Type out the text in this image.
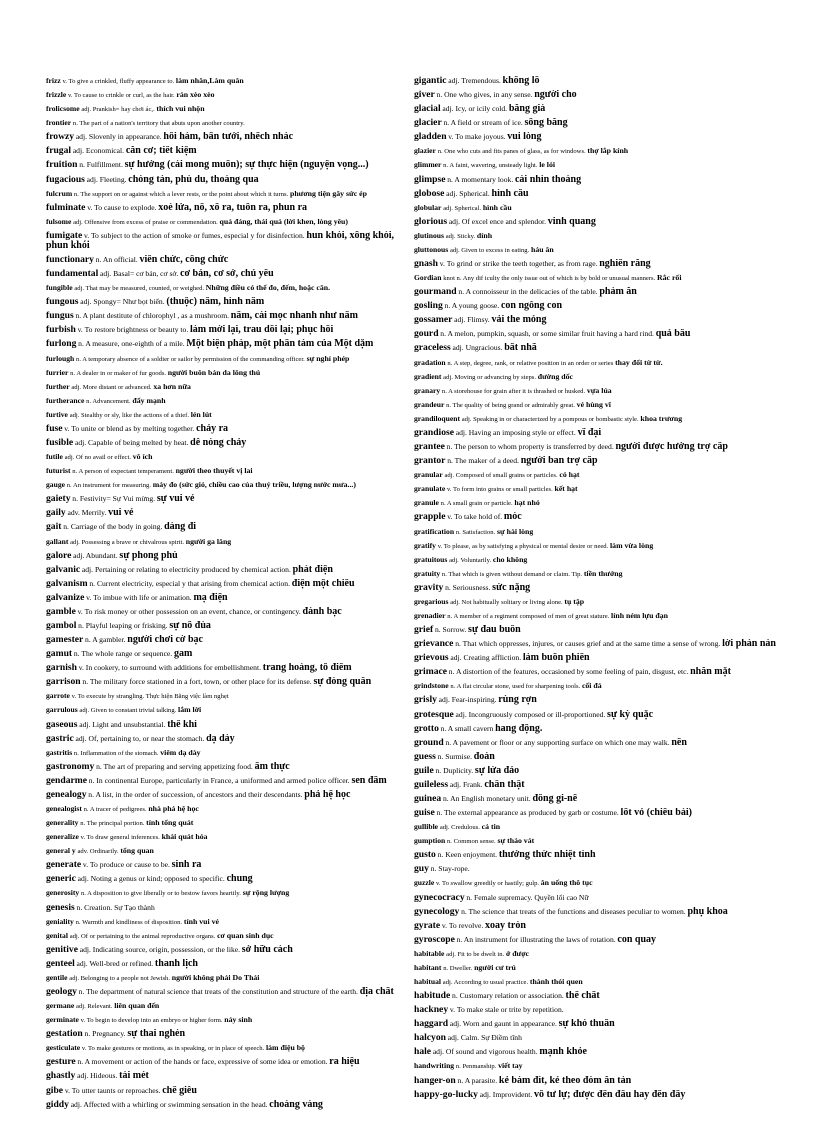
frizz v. To give a crinkled, fluffy appearance to. làm nhăn,Làm quăn
frizzle v. To cause to crinkle or curl, as the hair. rán xèo xèo
frolicsome adj. Prankish= hay chơi ác,. thích vui nhộn
frontier n. The part of a nation's territory that abuts upon another country.
frowzy adj. Slovenly in appearance. hôi hám, bẩn tưởi, nhếch nhác
frugal adj. Economical. căn cơ; tiết kiệm
fruition n. Fulfillment. sự hưởng (cái mong muốn); sự thực hiện (nguyện vọng...)
fugacious adj. Fleeting. chóng tàn, phù du, thoáng qua
fulcrum n. The support on or against which a lever rests, or the point about which it turns. phương tiện gây sức ép
fulminate v. To cause to explode. xoè lửa, nổ, xổ ra, tuôn ra, phun ra
fulsome adj. Offensive from excess of praise or commendation. quá đáng, thái quá (lời khen, lòng yêu)
fumigate v. To subject to the action of smoke or fumes, especial y for disinfection. hun khói, xông khói, phun khói
functionary n. An official. viên chức, công chức
fundamental adj. Basal= cơ bản, cơ sở. cơ bản, cơ sở, chủ yếu
fungible adj. That may be measured, counted, or weighed. Những điều có thể đo, đếm, hoặc cân.
fungous adj. Spongy= Như bọt biển. (thuộc) nấm, hình nấm
fungus n. A plant destitute of chlorophyl , as a mushroom. nấm, cái mọc nhanh như nấm
furbish v. To restore brightness or beauty to. làm mới lại, trau dồi lại; phục hồi
furlong n. A measure, one-eighth of a mile. Một biện pháp, một phần tám của Một dặm
furlough n. A temporary absence of a soldier or sailor by permission of the commanding officer. sự nghỉ phép
furrier n. A dealer in or maker of fur goods. người buôn bán da lông thú
further adj. More distant or advanced. xa hơn nữa
furtherance n. Advancement. đẩy mạnh
furtive adj. Stealthy or sly, like the actions of a thief. lén lút
fuse v. To unite or blend as by melting together. chảy ra
fusible adj. Capable of being melted by heat. dễ nóng chảy
futile adj. Of no avail or effect. vô ích
futurist n. A person of expectant temperament. người theo thuyết vị lai
gauge n. An instrument for measuring. máy đo (sức gió, chiều cao của thuỷ triều, lượng nước mưa...)
gaiety n. Festivity= Sự Vui mừng. sự vui vẻ
gaily adv. Merrily. vui vẻ
gait n. Carriage of the body in going. dáng đi
gallant adj. Possessing a brave or chivalrous spirit. người ga lăng
galore adj. Abundant. sự phong phú
galvanic adj. Pertaining or relating to electricity produced by chemical action. phát điện
galvanism n. Current electricity, especial y that arising from chemical action. điện một chiều
galvanize v. To imbue with life or animation. mạ điện
gamble v. To risk money or other possession on an event, chance, or contingency. đánh bạc
gambol n. Playful leaping or frisking. sự nô đùa
gamester n. A gambler. người chơi cờ bạc
gamut n. The whole range or sequence. gam
garnish v. In cookery, to surround with additions for embellishment. trang hoàng, tô điểm
garrison n. The military force stationed in a fort, town, or other place for its defense. sự đóng quân
garrote v. To execute by strangling. Thực hiện Bằng việc làm nghẹt
garrulous adj. Given to constant trivial talking. lắm lời
gaseous adj. Light and unsubstantial. thể khí
gastric adj. Of, pertaining to, or near the stomach. dạ dày
gastritis n. Inflammation of the stomach. viêm dạ dày
gastronomy n. The art of preparing and serving appetizing food. ẩm thực
gendarme n. In continental Europe, particularly in France, a uniformed and armed police officer. sen đầm
genealogy n. A list, in the order of succession, of ancestors and their descendants. phả hệ học
genealogist n. A tracer of pedigrees. nhà phả hệ học
generality n. The principal portion. tính tổng quát
generalize v. To draw general inferences. khái quát hóa
general y adv. Ordinarily. tổng quan
generate v. To produce or cause to be. sinh ra
generic adj. Noting a genus or kind; opposed to specific. chung
generosity n. A disposition to give liberally or to bestow favors heartily. sự rộng lượng
genesis n. Creation. Sự Tạo thành
geniality n. Warmth and kindliness of disposition. tính vui vẻ
genital adj. Of or pertaining to the animal reproductive organs. cơ quan sinh dục
genitive adj. Indicating source, origin, possession, or the like. sở hữu cách
genteel adj. Well-bred or refined. thanh lịch
gentile adj. Belonging to a people not Jewish. người không phải Do Thái
geology n. The department of natural science that treats of the constitution and structure of the earth. địa chất
germane adj. Relevant. liên quan đến
germinate v. To begin to develop into an embryo or higher form. nảy sinh
gestation n. Pregnancy. sự thai nghén
gesticulate v. To make gestures or motions, as in speaking, or in place of speech. làm điệu bộ
gesture n. A movement or action of the hands or face, expressive of some idea or emotion. ra hiệu
ghastly adj. Hideous. tái mét
gibe v. To utter taunts or reproaches. chế giễu
giddy adj. Affected with a whirling or swimming sensation in the head. choáng váng
gigantic adj. Tremendous. khổng lồ
giver n. One who gives, in any sense. người cho
glacial adj. Icy, or icily cold. băng giá
glacier n. A field or stream of ice. sông băng
gladden v. To make joyous. vui lòng
glazier n. One who cuts and fits panes of glass, as for windows. thợ lắp kính
glimmer n. A faint, wavering, unsteady light. le lói
glimpse n. A momentary look. cái nhìn thoáng
globose adj. Spherical. hình cầu
globular adj. Spherical. hình cầu
glorious adj. Of excel ence and splendor. vinh quang
glutinous adj. Sticky. dính
gluttonous adj. Given to excess in eating. háu ăn
gnash v. To grind or strike the teeth together, as from rage. nghiến răng
Gordian knot n. Any dif iculty the only issue out of which is by bold or unusual manners. Rắc rối
gourmand n. A connoisseur in the delicacies of the table. phàm ăn
gosling n. A young goose. con ngỗng con
gossamer adj. Flimsy. vải the mỏng
gourd n. A melon, pumpkin, squash, or some similar fruit having a hard rind. quả bầu
graceless adj. Ungracious. bất nhã
gradation n. A step, degree, rank, or relative position in an order or series thay đổi từ từ.
gradient adj. Moving or advancing by steps. đường dốc
granary n. A storehouse for grain after it is thrashed or husked. vựa lúa
grandeur n. The quality of being grand or admirably great. vẻ hùng vĩ
grandiloquent adj. Speaking in or characterized by a pompous or bombastic style. khoa trương
grandiose adj. Having an imposing style or effect. vĩ đại
grantee n. The person to whom property is transferred by deed. người được hưởng trợ cấp
grantor n. The maker of a deed. người ban trợ cấp
granular adj. Composed of small grains or particles. có hạt
granulate v. To form into grains or small particles. kết hạt
granule n. A small grain or particle. hạt nhỏ
grapple v. To take hold of. móc
gratification n. Satisfaction. sự hài lòng
gratify v. To please, as by satisfying a physical or mental desire or need. làm vừa lòng
gratuitous adj. Voluntarily. cho không
gratuity n. That which is given without demand or claim. Tip. tiền thưởng
gravity n. Seriousness. sức nặng
gregarious adj. Not habitually solitary or living alone. tụ tập
grenadier n. A member of a regiment composed of men of great stature. lính ném lựu đạn
grief n. Sorrow. sự đau buồn
grievance n. That which oppresses, injures, or causes grief and at the same time a sense of wrong. lời phàn nàn
grievous adj. Creating affliction. làm buồn phiền
grimace n. A distortion of the features, occasioned by some feeling of pain, disgust, etc. nhăn mặt
grindstone n. A flat circular stone, used for sharpening tools. cối đá
grisly adj. Fear-inspiring. rùng rợn
grotesque adj. Incongruously composed or ill-proportioned. sự kỳ quặc
grotto n. A small cavern hang động.
ground n. A pavement or floor or any supporting surface on which one may walk. nền
guess n. Surmise. đoán
guile n. Duplicity. sự lừa đảo
guileless adj. Frank. chân thật
guinea n. An English monetary unit. đồng gi-nê
guise n. The external appearance as produced by garb or costume. lốt vỏ (chiêu bài)
gullible adj. Credulous. cả tin
gumption n. Common sense. sự tháo vát
gusto n. Keen enjoyment. thưởng thức nhiệt tình
guy n. Stay-rope.
guzzle v. To swallow greedily or hastily; gulp. ăn uống thô tục
gynecocracy n. Female supremacy. Quyền lối cao Nữ
gynecology n. The science that treats of the functions and diseases peculiar to women. phụ khoa
gyrate v. To revolve. xoay tròn
gyroscope n. An instrument for illustrating the laws of rotation. con quay
habitable adj. Fit to be dwelt in. ở được
habitant n. Dweller. người cư trú
habitual adj. According to usual practice. thành thói quen
habitude n. Customary relation or association. thể chất
hackney v. To make stale or trite by repetition.
haggard adj. Worn and gaunt in appearance. sự khó thuần
halcyon adj. Calm. Sự Điềm tĩnh
hale adj. Of sound and vigorous health. mạnh khỏe
handwriting n. Penmanship. viết tay
hanger-on n. A parasite. kẻ bám đít, kẻ theo đóm ăn tàn
happy-go-lucky adj. Improvident. vô tư lự; được đến đâu hay đến đấy
